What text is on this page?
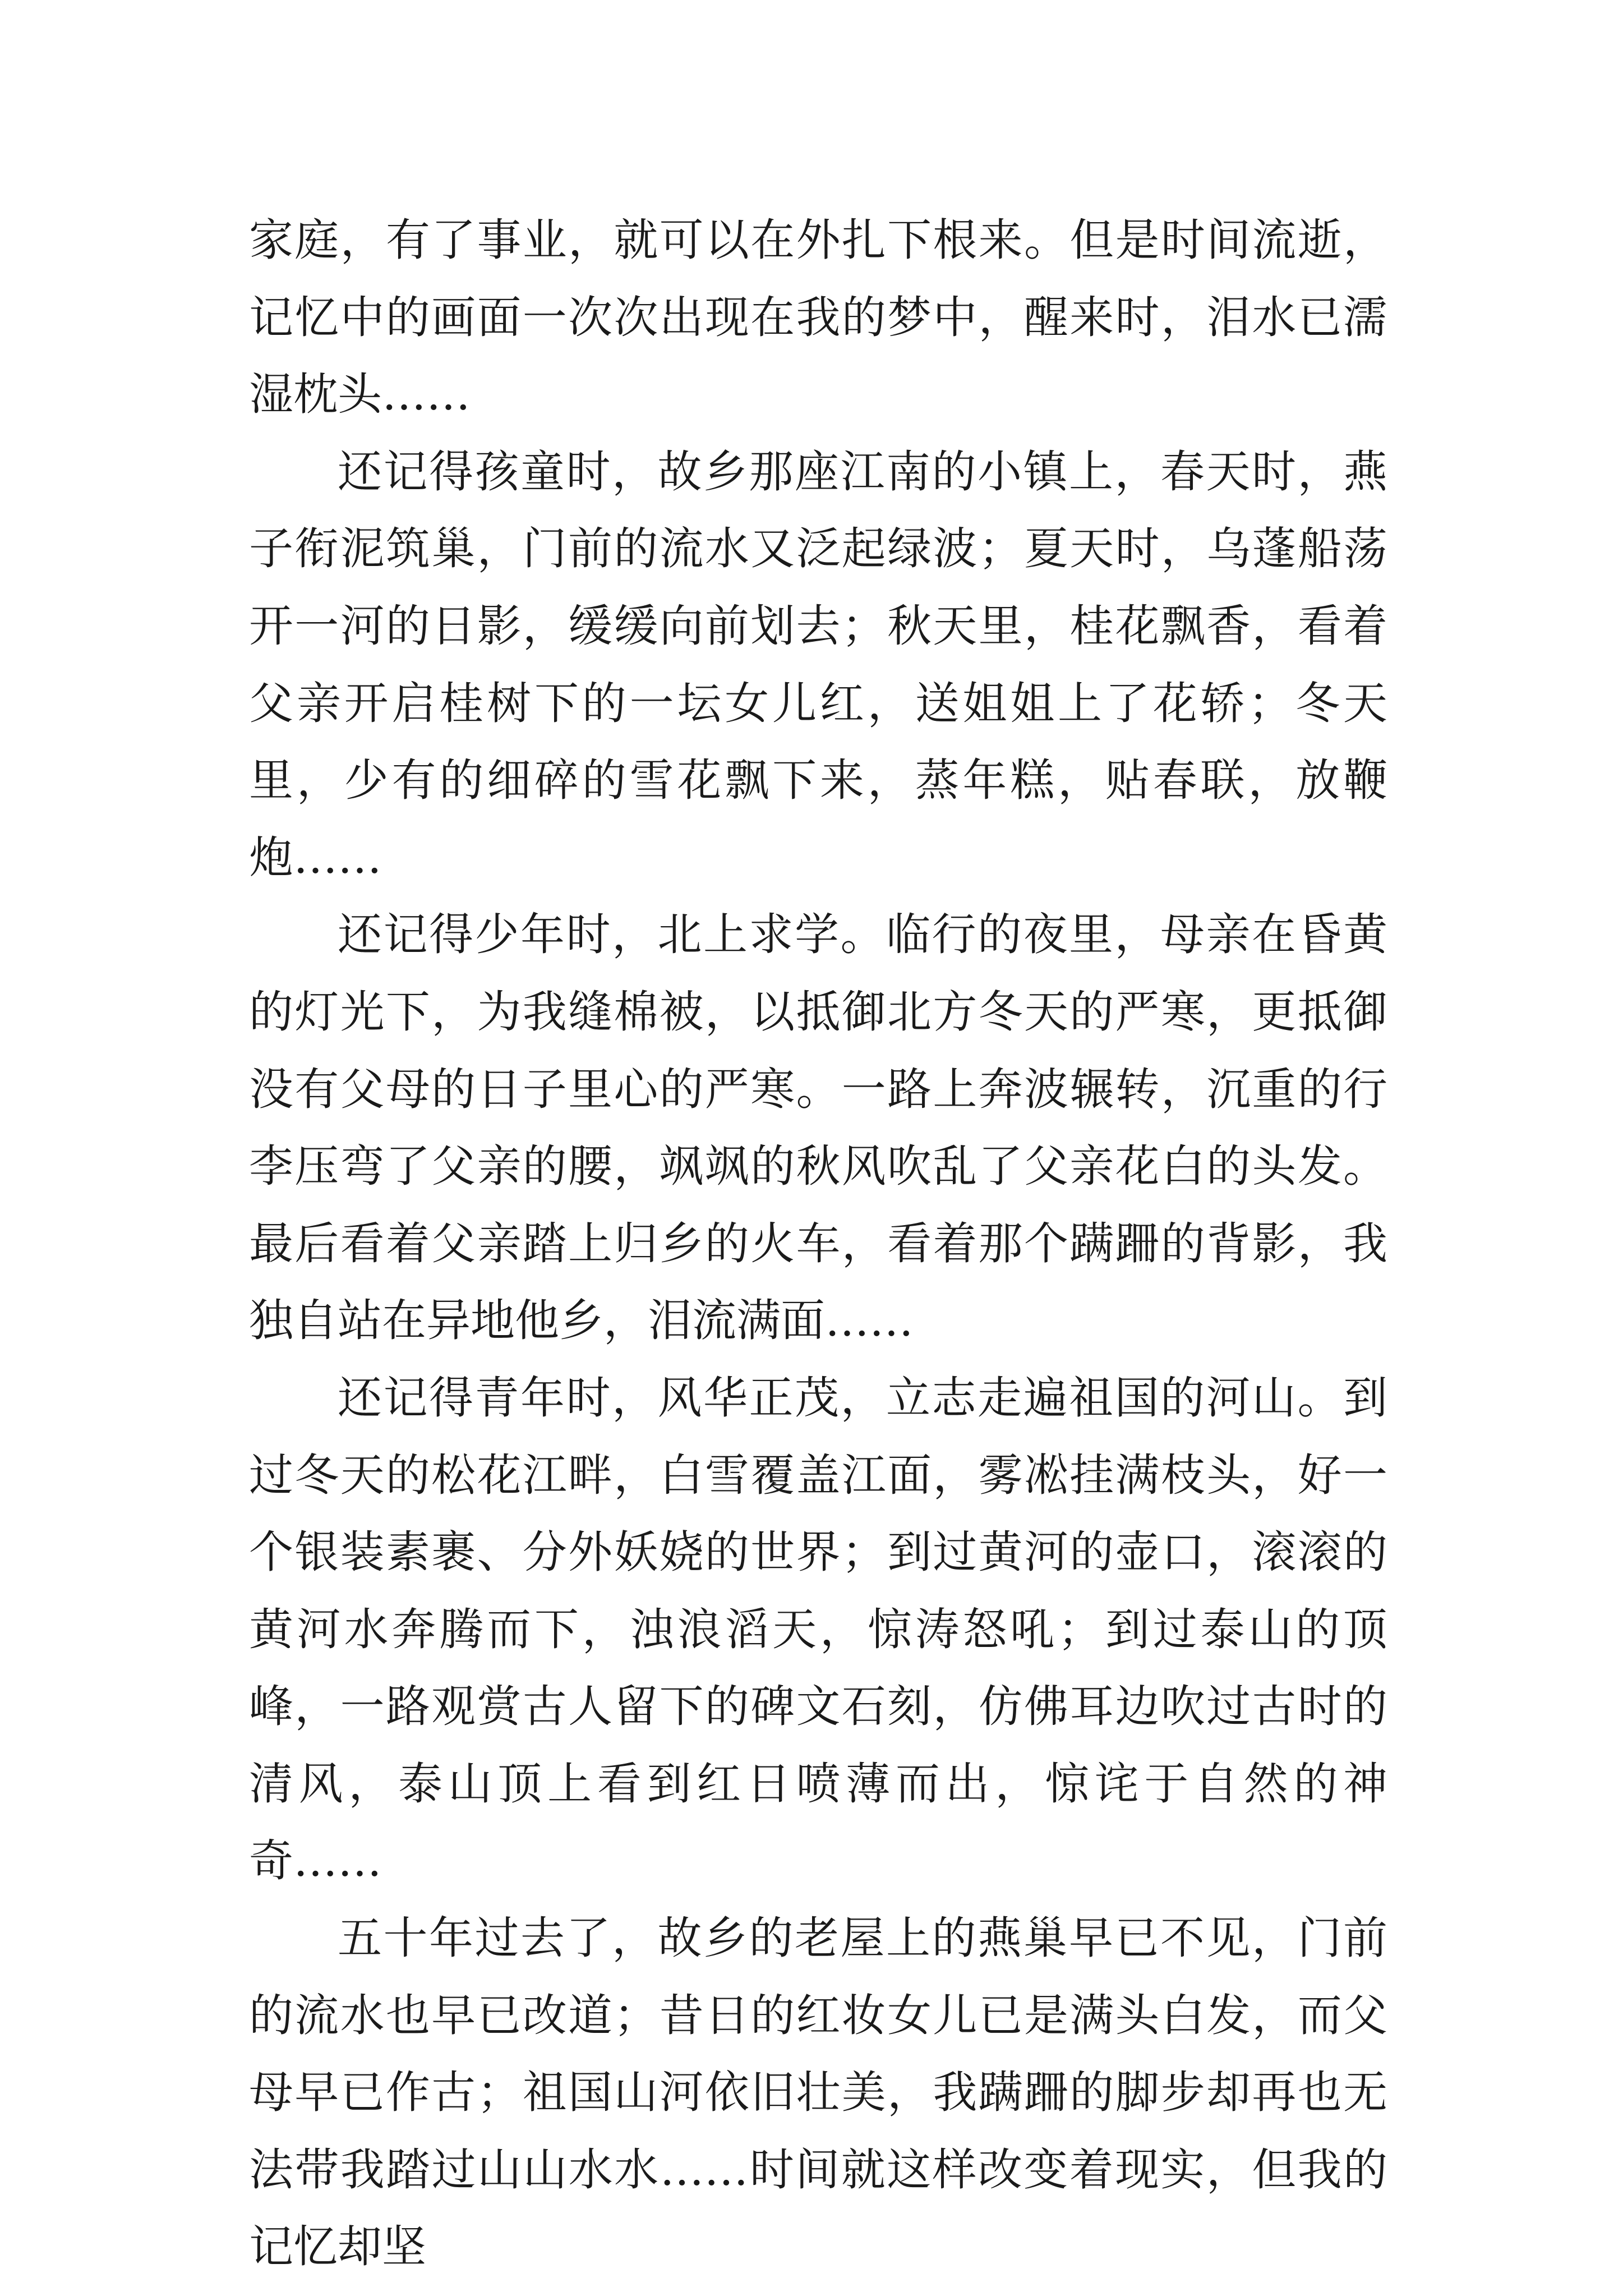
家庭，有了事业，就可以在外扎下根来。但是时间流逝，记忆中的画面一次次出现在我的梦中，醒来时，泪水已濡湿枕头……

还记得孩童时，故乡那座江南的小镇上，春天时，燕子衔泥筑巢，门前的流水又泛起绿波；夏天时，乌蓬船荡开一河的日影，缓缓向前划去；秋天里，桂花飘香，看着父亲开启桂树下的一坛女儿红，送姐姐上了花轿；冬天里，少有的细碎的雪花飘下来，蒸年糕，贴春联，放鞭炮……

还记得少年时，北上求学。临行的夜里，母亲在昏黄的灯光下，为我缝棉被，以抵御北方冬天的严寒，更抵御没有父母的日子里心的严寒。一路上奔波辗转，沉重的行李压弯了父亲的腰，飒飒的秋风吹乱了父亲花白的头发。最后看着父亲踏上归乡的火车，看着那个蹒跚的背影，我独自站在异地他乡，泪流满面……

还记得青年时，风华正茂，立志走遍祖国的河山。到过冬天的松花江畔，白雪覆盖江面，雾凇挂满枝头，好一个银装素裹、分外妖娆的世界；到过黄河的壶口，滚滚的黄河水奔腾而下，浊浪滔天，惊涛怒吼；到过泰山的顶峰，一路观赏古人留下的碑文石刻，仿佛耳边吹过古时的清风，泰山顶上看到红日喷薄而出，惊诧于自然的神奇……

五十年过去了，故乡的老屋上的燕巢早已不见，门前的流水也早已改道；昔日的红妆女儿已是满头白发，而父母早已作古；祖国山河依旧壮美，我蹒跚的脚步却再也无法带我踏过山山水水……时间就这样改变着现实，但我的记忆却坚
